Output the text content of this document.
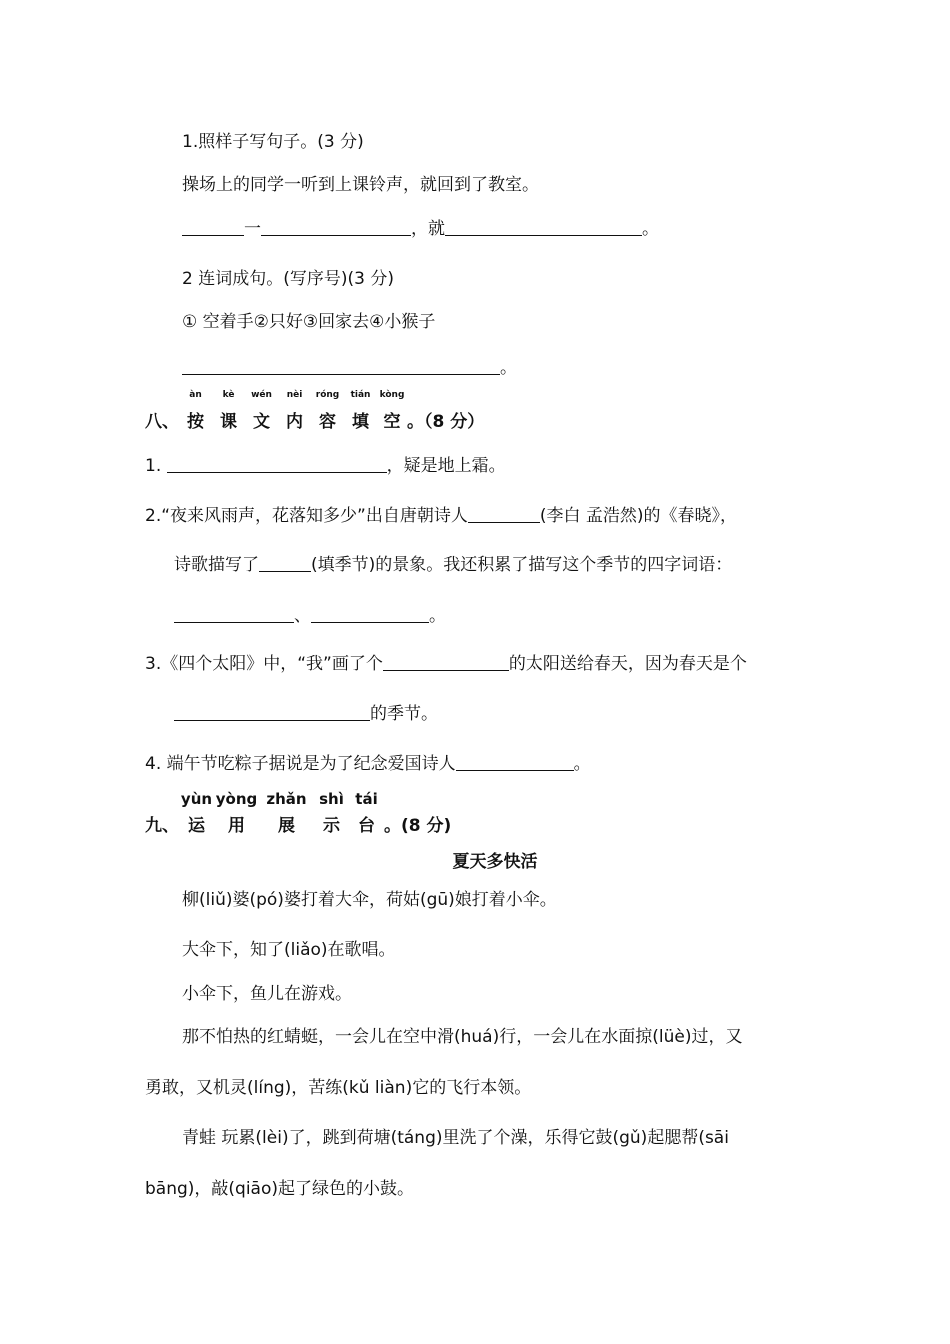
1.照样子写句子。(3 分)
操场上的同学一听到上课铃声，就回到了教室。
一	，就	。
2 连词成句。(写序号)(3 分)
① 空着手②只好③回家去④小猴子
。
八、
àn
按
kè
课
wén
文
nèi
内
róng
容
tián
填
kòng
空 。（8 分）
1.	，疑是地上霜。
2.“夜来风雨声，花落知多少”出自唐朝诗人	(李白 孟浩然)的《春晓》，
诗歌描写了	(填季节)的景象。我还积累了描写这个季节的四字词语：
、	。
3.《四个太阳》中，“我”画了个	的太阳送给春天，因为春天是个
的季节。
4. 端午节吃粽子据说是为了纪念爱国诗人	。
九、
yùn
运
yòng
用
zhǎn
展
shì
示
tái
台 。(8 分)
夏天多快活
柳(liǔ)婆(pó)婆打着大伞，荷姑(gū)娘打着小伞。
大伞下，知了(liǎo)在歌唱。
小伞下，鱼儿在游戏。
那不怕热的红蜻蜓，一会儿在空中滑(huá)行，一会儿在水面掠(lüè)过，又
勇敢，又机灵(líng)，苦练(kǔ liàn)它的飞行本领。
青蛙 玩累(lèi)了，跳到荷塘(táng)里洗了个澡，乐得它鼓(gǔ)起腮帮(sāi
bāng)，敲(qiāo)起了绿色的小鼓。
